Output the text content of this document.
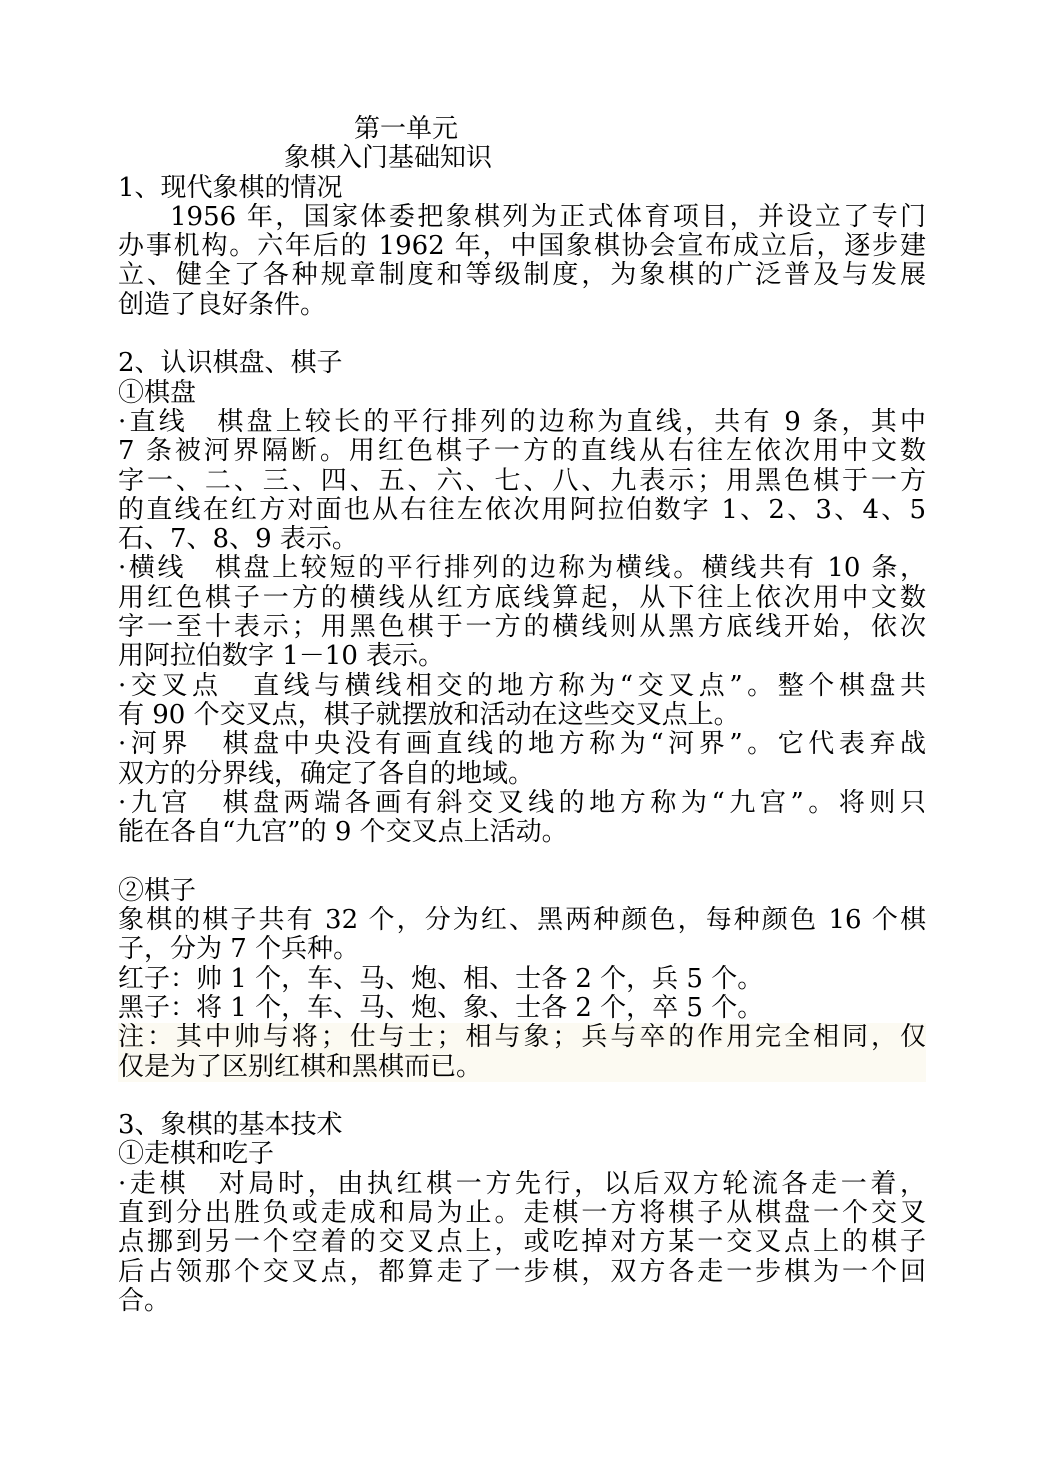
第一单元
象棋入门基础知识
1、现代象棋的情况
1956 年，国家体委把象棋列为正式体育项目，并设立了专门
办事机构。六年后的 1962 年，中国象棋协会宣布成立后，逐步建
立、健全了各种规章制度和等级制度，为象棋的广泛普及与发展
创造了良好条件。
2、认识棋盘、棋子
①棋盘
·直线　棋盘上较长的平行排列的边称为直线，共有 9 条，其中
7 条被河界隔断。用红色棋子一方的直线从右往左依次用中文数
字一、二、三、四、五、六、七、八、九表示；用黑色棋于一方
的直线在红方对面也从右往左依次用阿拉伯数字 1、2、3、4、5
石、7、8、9 表示。
·横线　棋盘上较短的平行排列的边称为横线。横线共有 10 条，
用红色棋子一方的横线从红方底线算起，从下往上依次用中文数
字一至十表示；用黑色棋于一方的横线则从黑方底线开始，依次
用阿拉伯数字 1－10 表示。
·交叉点　直线与横线相交的地方称为“交叉点”。整个棋盘共
有 90 个交叉点，棋子就摆放和活动在这些交叉点上。
·河界　棋盘中央没有画直线的地方称为“河界”。它代表弃战
双方的分界线，确定了各自的地域。
·九宫　棋盘两端各画有斜交叉线的地方称为“九宫”。将则只
能在各自“九宫”的 9 个交叉点上活动。
②棋子
象棋的棋子共有 32 个，分为红、黑两种颜色，每种颜色 16 个棋
子，分为 7 个兵种。
红子：帅 1 个，车、马、炮、相、士各 2 个，兵 5 个。
黑子：将 1 个，车、马、炮、象、士各 2 个，卒 5 个。
注：其中帅与将；仕与士；相与象；兵与卒的作用完全相同，仅
仅是为了区别红棋和黑棋而已。
3、象棋的基本技术
①走棋和吃子
·走棋　对局时，由执红棋一方先行，以后双方轮流各走一着，
直到分出胜负或走成和局为止。走棋一方将棋子从棋盘一个交叉
点挪到另一个空着的交叉点上，或吃掉对方某一交叉点上的棋子
后占领那个交叉点，都算走了一步棋，双方各走一步棋为一个回
合。
